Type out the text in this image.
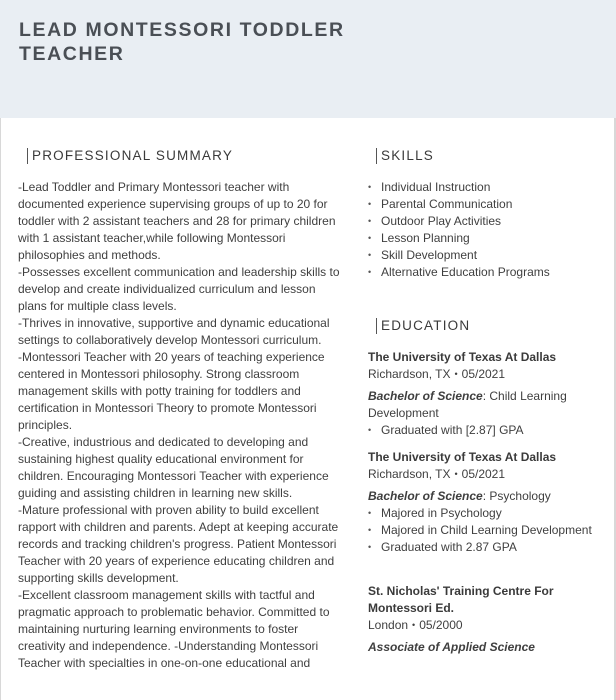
LEAD MONTESSORI TODDLER TEACHER
PROFESSIONAL SUMMARY

-Lead Toddler and Primary Montessori teacher with documented experience supervising groups of up to 20 for toddler with 2 assistant teachers and 28 for primary children with 1 assistant teacher,while following Montessori philosophies and methods.

-Possesses excellent communication and leadership skills to develop and create individualized curriculum and lesson plans for multiple class levels.

-Thrives in innovative, supportive and dynamic educational settings to collaboratively develop Montessori curriculum.

-Montessori Teacher with 20 years of teaching experience centered in Montessori philosophy. Strong classroom management skills with potty training for toddlers and certification in Montessori Theory to promote Montessori principles.

-Creative, industrious and dedicated to developing and sustaining highest quality educational environment for children. Encouraging Montessori Teacher with experience guiding and assisting children in learning new skills.

-Mature professional with proven ability to build excellent rapport with children and parents. Adept at keeping accurate records and tracking children's progress. Patient Montessori Teacher with 20 years of experience educating children and supporting skills development.

-Excellent classroom management skills with tactful and pragmatic approach to problematic behavior. Committed to maintaining nurturing learning environments to foster creativity and independence. -Understanding Montessori Teacher with specialties in one-on-one educational and

SKILLS
• Individual Instruction
• Parental Communication
• Outdoor Play Activities
• Lesson Planning
• Skill Development
• Alternative Education Programs
EDUCATION
The University of Texas At Dallas
Richardson, TX • 05/2021
Bachelor of Science: Child Learning Development
• Graduated with [2.87] GPA
The University of Texas At Dallas
Richardson, TX • 05/2021
Bachelor of Science: Psychology
• Majored in Psychology
• Majored in Child Learning Development
• Graduated with 2.87 GPA
St. Nicholas' Training Centre For Montessori Ed.
London • 05/2000
Associate of Applied Science
